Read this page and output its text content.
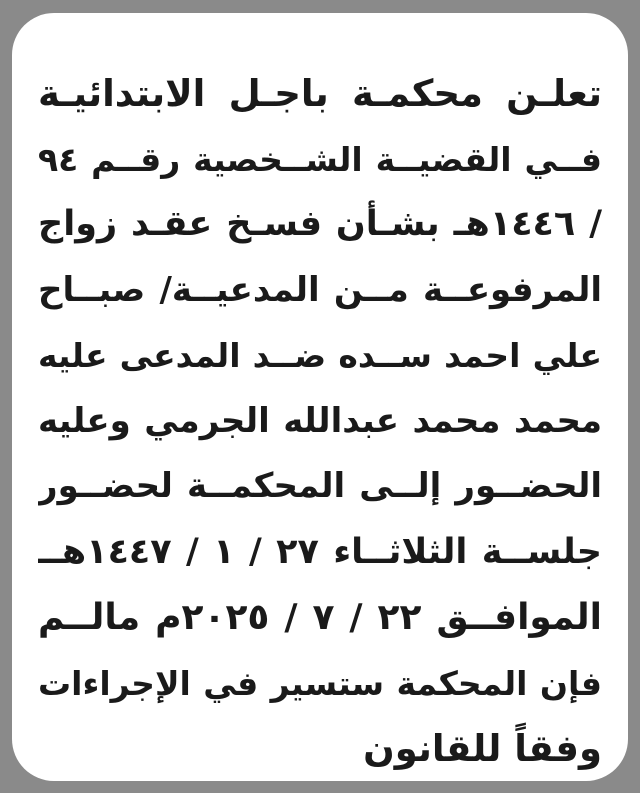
تعلـن محكمـة باجـل الابتدائيـة
فــي القضيــة الشــخصية رقــم ٩٤
/ ١٤٤٦هـ بشـأن فسـخ عقـد زواج
المرفوعــة مــن المدعيــة/ صبــاح
علي احمد ســده ضــد المدعى عليه
محمد محمد عبدالله الجرمي وعليه
الحضــور إلــى المحكمــة لحضــور
جلســة الثلاثــاء ٢٧ / ١ / ١٤٤٧هــ
الموافــق ٢٢ / ٧ / ٢٠٢٥م مالــم
فإن المحكمة ستسير في الإجراءات
وفقاً للقانون
